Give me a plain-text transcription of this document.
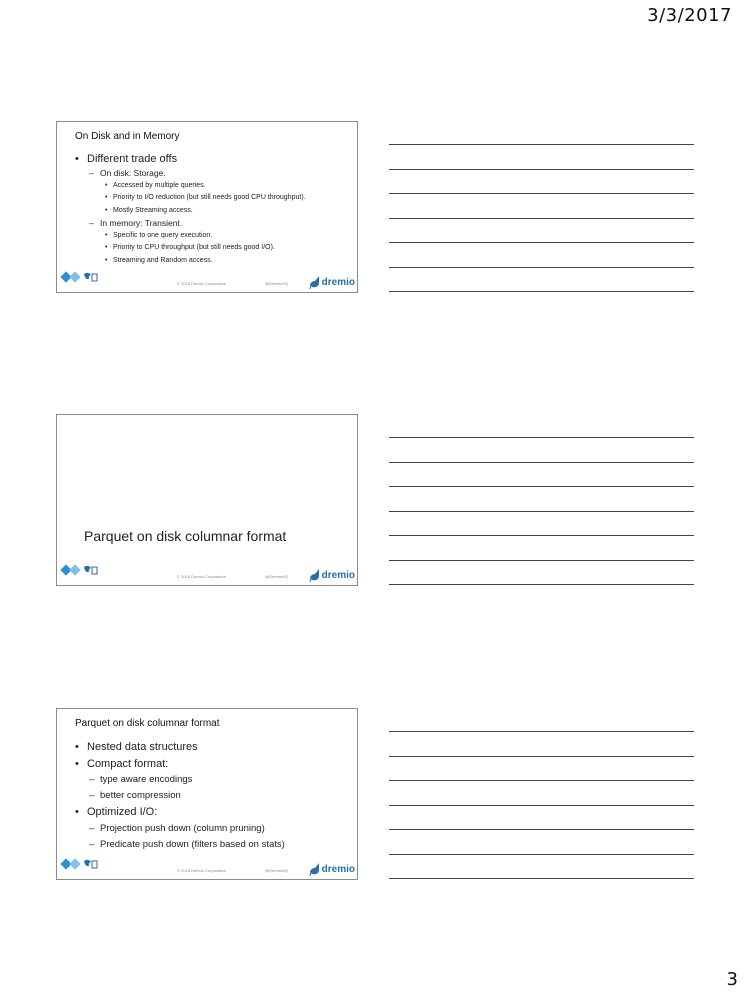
3/3/2017
On Disk and in Memory
• Different trade offs
– On disk: Storage.
• Accessed by multiple queries.
• Priority to I/O reduction (but still needs good CPU throughput).
• Mostly Streaming access.
– In memory: Transient.
• Specific to one query execution.
• Priority to CPU throughput (but still needs good I/O).
• Streaming and Random access.
© 2016 Dremio Corporation	@DremioHQ	dremio
Parquet on disk columnar format
© 2016 Dremio Corporation	@DremioHQ	dremio
Parquet on disk columnar format
• Nested data structures
• Compact format:
– type aware encodings
– better compression
• Optimized I/O:
– Projection push down (column pruning)
– Predicate push down (filters based on stats)
© 2016 Dremio Corporation	@DremioHQ	dremio
3
